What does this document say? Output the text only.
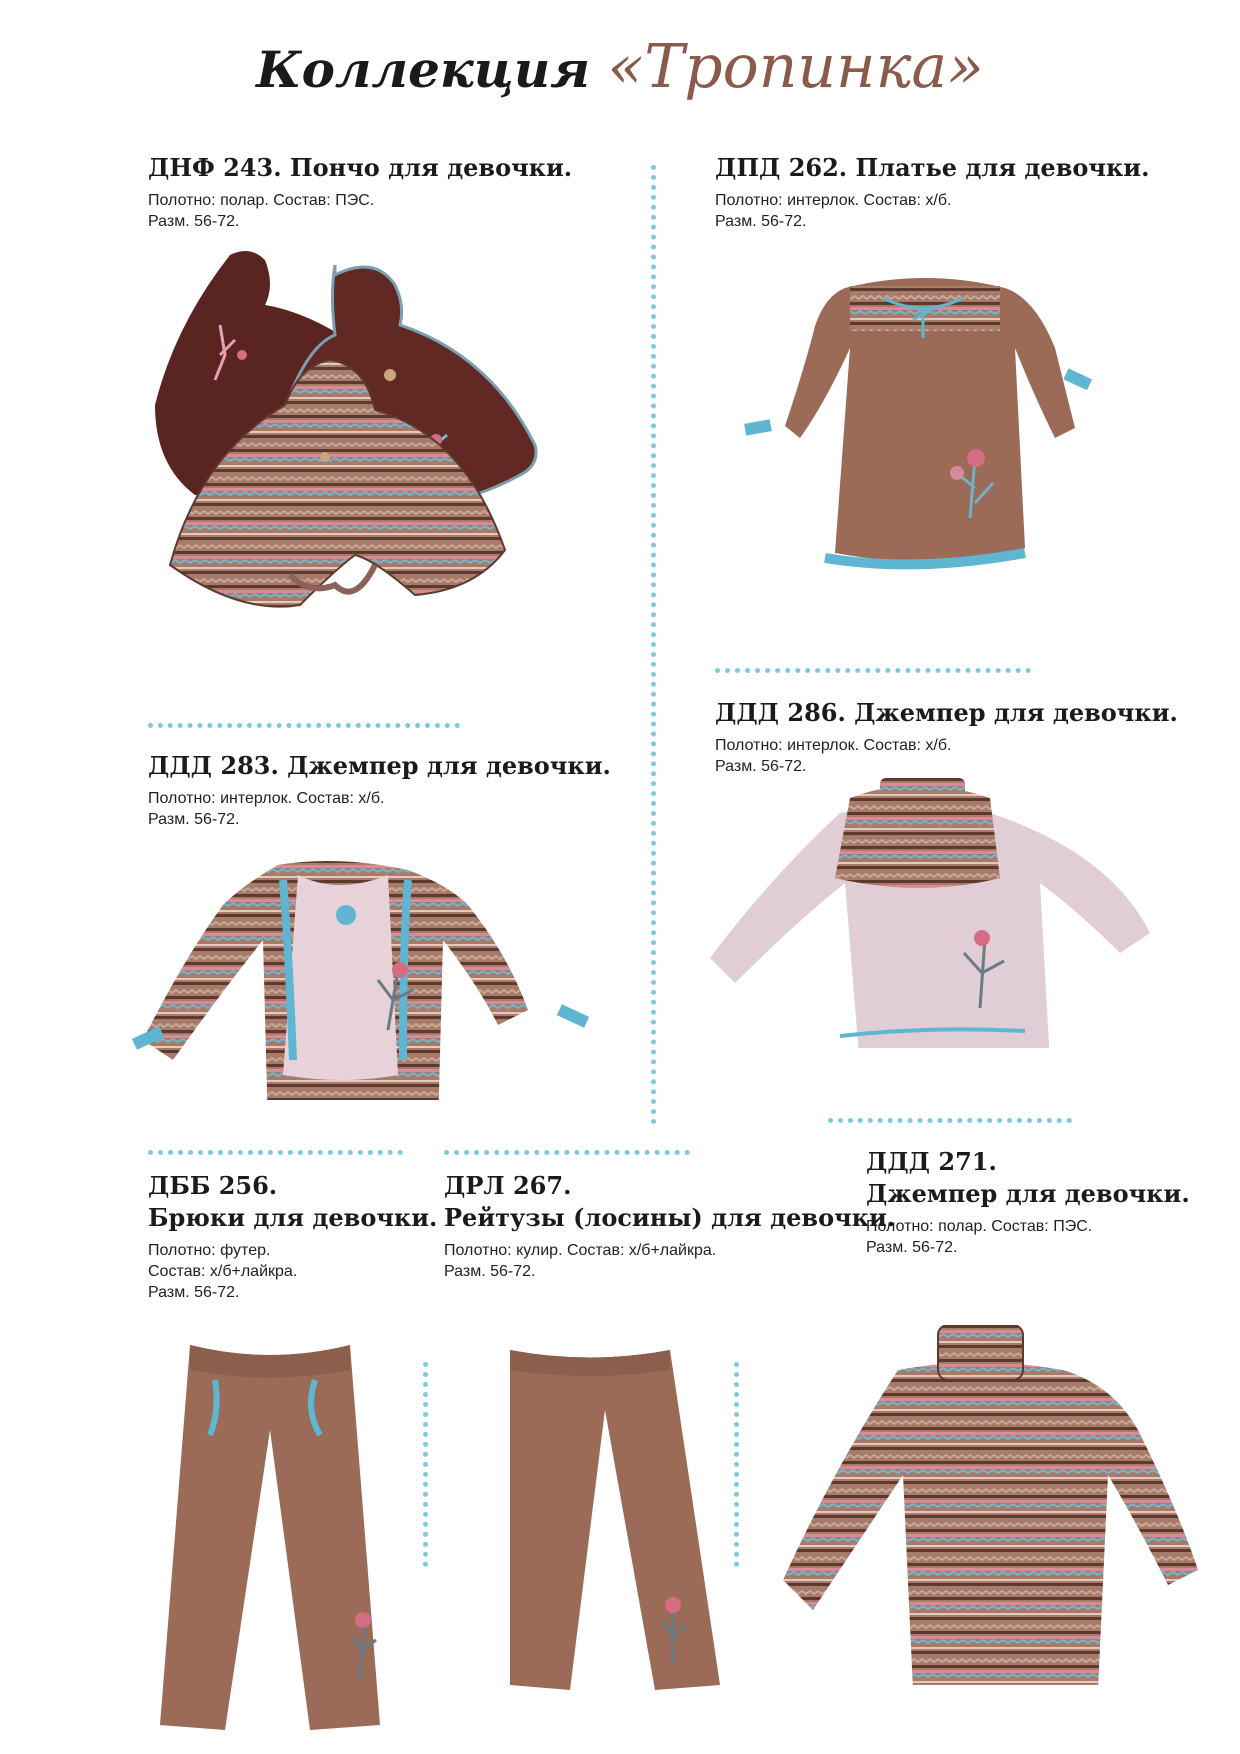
Коллекция «Тропинка»
ДНФ 243. Пончо для девочки.
Полотно: полар. Состав: ПЭС.
Разм. 56-72.
ДПД 262. Платье для девочки.
Полотно: интерлок. Состав: х/б.
Разм. 56-72.
ДДД 283. Джемпер для девочки.
Полотно: интерлок. Состав: х/б.
Разм. 56-72.
ДДД 286. Джемпер для девочки.
Полотно: интерлок. Состав: х/б.
Разм. 56-72.
ДББ 256.
Брюки для девочки.
Полотно: футер.
Состав: х/б+лайкра.
Разм. 56-72.
ДРЛ 267.
Рейтузы (лосины) для девочки.
Полотно: кулир. Состав: х/б+лайкра.
Разм. 56-72.
ДДД 271.
Джемпер для девочки.
Полотно: полар. Состав: ПЭС.
Разм. 56-72.
